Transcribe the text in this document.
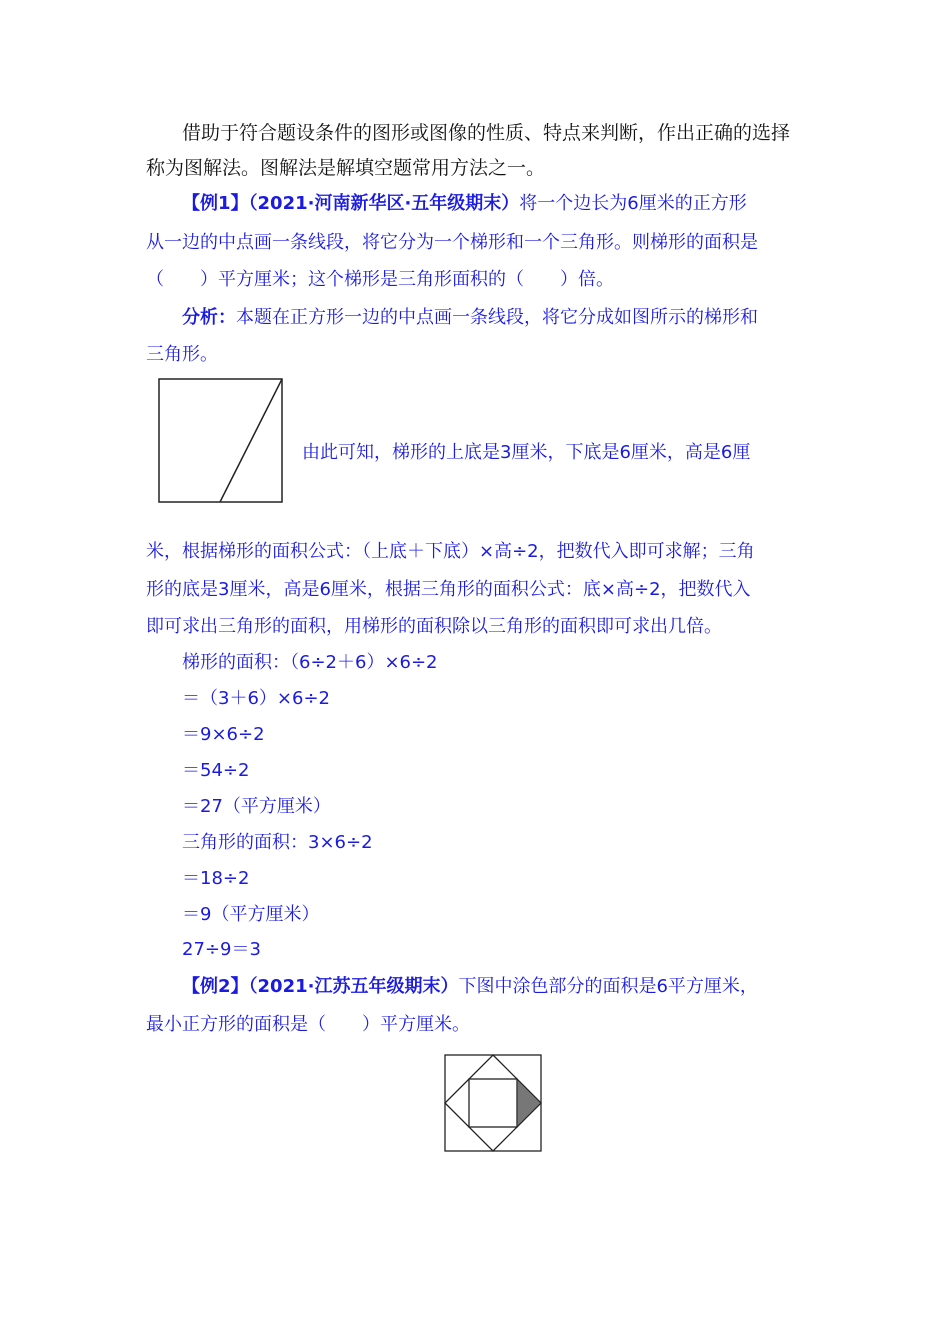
借助于符合题设条件的图形或图像的性质、特点来判断，作出正确的选择
称为图解法。图解法是解填空题常用方法之一。
【例1】（2021·河南新华区·五年级期末）将一个边长为6厘米的正方形
从一边的中点画一条线段，将它分为一个梯形和一个三角形。则梯形的面积是
（　　）平方厘米；这个梯形是三角形面积的（　　）倍。
分析：本题在正方形一边的中点画一条线段，将它分成如图所示的梯形和
三角形。
由此可知，梯形的上底是3厘米，下底是6厘米，高是6厘
米，根据梯形的面积公式：（上底＋下底）×高÷2，把数代入即可求解；三角
形的底是3厘米，高是6厘米，根据三角形的面积公式：底×高÷2，把数代入
即可求出三角形的面积，用梯形的面积除以三角形的面积即可求出几倍。
梯形的面积：（6÷2＋6）×6÷2
＝（3＋6）×6÷2
＝9×6÷2
＝54÷2
＝27（平方厘米）
三角形的面积：3×6÷2
＝18÷2
＝9（平方厘米）
27÷9＝3
【例2】（2021·江苏五年级期末）下图中涂色部分的面积是6平方厘米，
最小正方形的面积是（　　）平方厘米。
